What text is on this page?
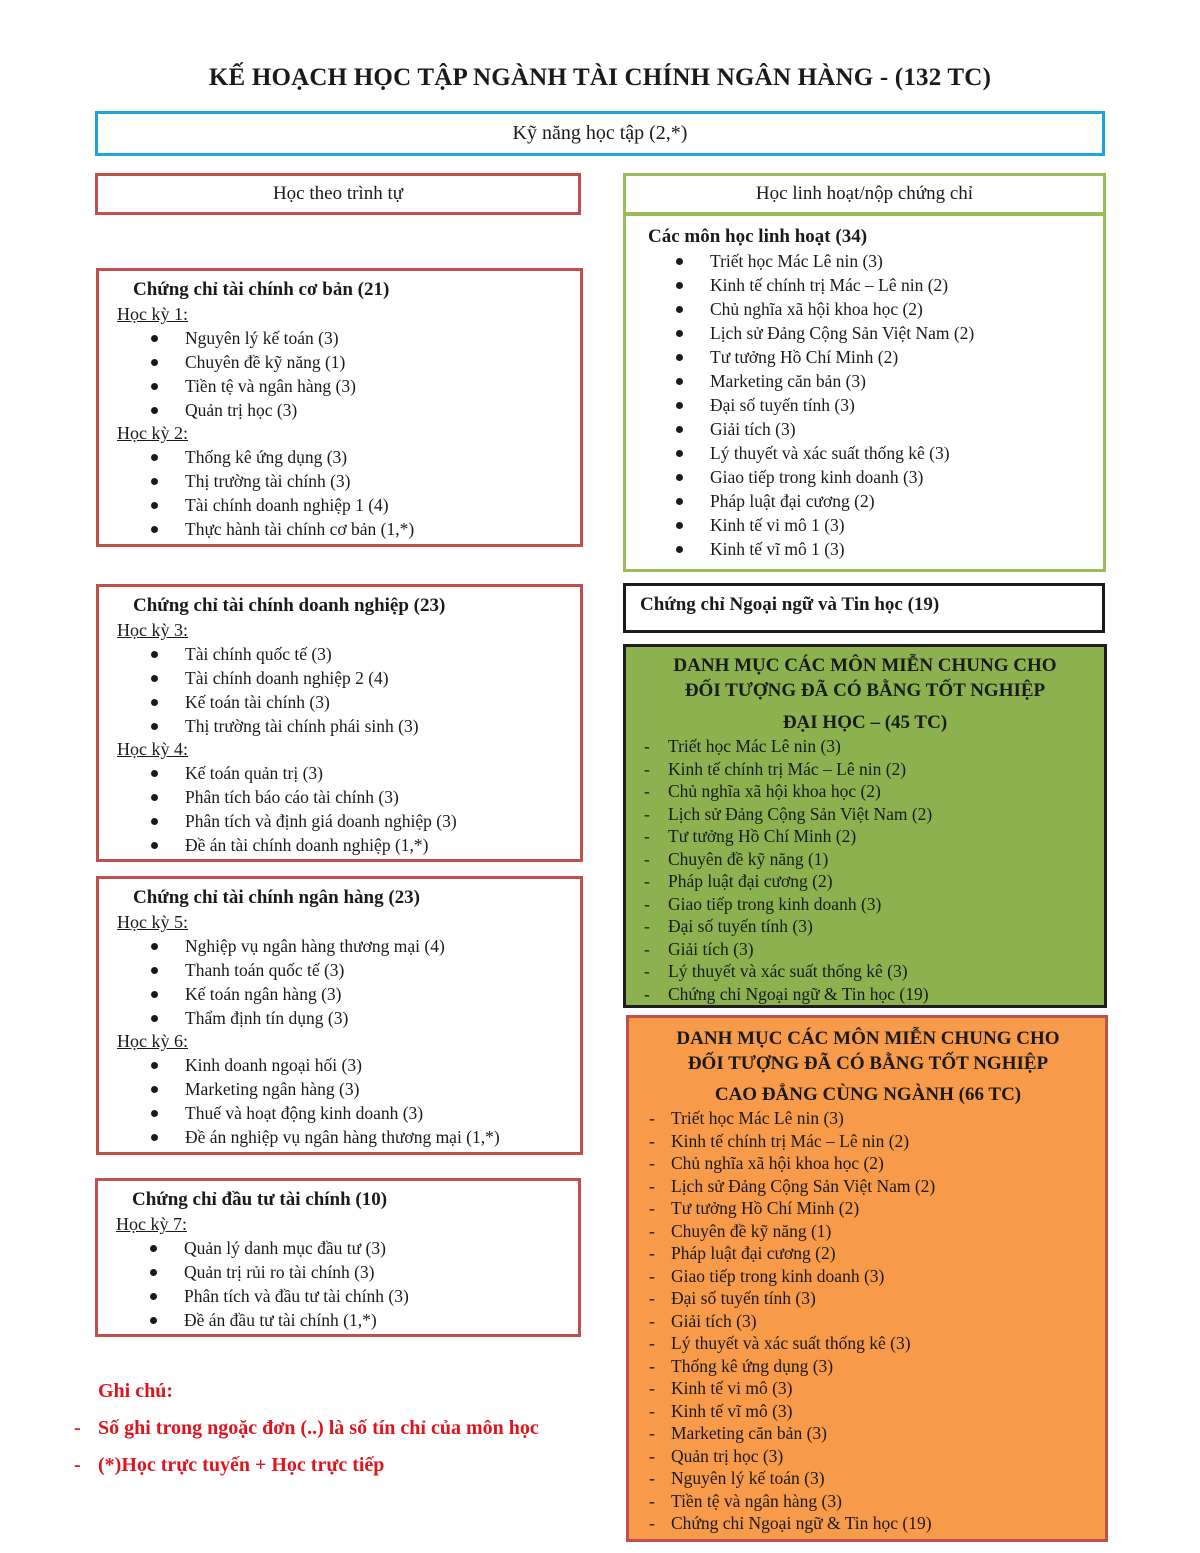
KẾ HOẠCH HỌC TẬP NGÀNH TÀI CHÍNH NGÂN HÀNG - (132 TC)
Kỹ năng học tập (2,*)
Học theo trình tự	Học linh hoạt/nộp chứng chỉ
Chứng chỉ tài chính cơ bản (21)
Học kỳ 1:
Nguyên lý kế toán (3)
Chuyên đề kỹ năng (1)
Tiền tệ và ngân hàng (3)
Quản trị học (3)
Học kỳ 2:
Thống kê ứng dụng (3)
Thị trường tài chính (3)
Tài chính doanh nghiệp 1 (4)
Thực hành tài chính cơ bản (1,*)
Chứng chỉ tài chính doanh nghiệp (23)
Học kỳ 3:
Tài chính quốc tế (3)
Tài chính doanh nghiệp 2 (4)
Kế toán tài chính (3)
Thị trường tài chính phái sinh (3)
Học kỳ 4:
Kế toán quản trị (3)
Phân tích báo cáo tài chính (3)
Phân tích và định giá doanh nghiệp (3)
Đề án tài chính doanh nghiệp (1,*)
Chứng chỉ tài chính ngân hàng (23)
Học kỳ 5:
Nghiệp vụ ngân hàng thương mại (4)
Thanh toán quốc tế (3)
Kế toán ngân hàng (3)
Thẩm định tín dụng (3)
Học kỳ 6:
Kinh doanh ngoại hối (3)
Marketing ngân hàng (3)
Thuế và hoạt động kinh doanh (3)
Đề án nghiệp vụ ngân hàng thương mại (1,*)
Chứng chỉ đầu tư tài chính (10)
Học kỳ 7:
Quản lý danh mục đầu tư (3)
Quản trị rủi ro tài chính (3)
Phân tích và đầu tư tài chính (3)
Đề án đầu tư tài chính (1,*)
Các môn học linh hoạt (34)
Triết học Mác Lê nin (3)
Kinh tế chính trị Mác – Lê nin (2)
Chủ nghĩa xã hội khoa học (2)
Lịch sử Đảng Cộng Sản Việt Nam (2)
Tư tưởng Hồ Chí Minh (2)
Marketing căn bản (3)
Đại số tuyến tính (3)
Giải tích (3)
Lý thuyết và xác suất thống kê (3)
Giao tiếp trong kinh doanh (3)
Pháp luật đại cương (2)
Kinh tế vi mô 1 (3)
Kinh tế vĩ mô 1 (3)
Chứng chỉ Ngoại ngữ và Tin học (19)
DANH MỤC CÁC MÔN MIỄN CHUNG CHO
ĐỐI TƯỢNG ĐÃ CÓ BẰNG TỐT NGHIỆP
ĐẠI HỌC – (45 TC)
- Triết học Mác Lê nin (3)
- Kinh tế chính trị Mác – Lê nin (2)
- Chủ nghĩa xã hội khoa học (2)
- Lịch sử Đảng Cộng Sản Việt Nam (2)
- Tư tưởng Hồ Chí Minh (2)
- Chuyên đề kỹ năng (1)
- Pháp luật đại cương (2)
- Giao tiếp trong kinh doanh (3)
- Đại số tuyến tính (3)
- Giải tích (3)
- Lý thuyết và xác suất thống kê (3)
- Chứng chỉ Ngoại ngữ & Tin học (19)
DANH MỤC CÁC MÔN MIỄN CHUNG CHO
ĐỐI TƯỢNG ĐÃ CÓ BẰNG TỐT NGHIỆP
CAO ĐẲNG CÙNG NGÀNH (66 TC)
- Triết học Mác Lê nin (3)
- Kinh tế chính trị Mác – Lê nin (2)
- Chủ nghĩa xã hội khoa học (2)
- Lịch sử Đảng Cộng Sản Việt Nam (2)
- Tư tưởng Hồ Chí Minh (2)
- Chuyên đề kỹ năng (1)
- Pháp luật đại cương (2)
- Giao tiếp trong kinh doanh (3)
- Đại số tuyến tính (3)
- Giải tích (3)
- Lý thuyết và xác suất thống kê (3)
- Thống kê ứng dụng (3)
- Kinh tế vi mô (3)
- Kinh tế vĩ mô (3)
- Marketing căn bản (3)
- Quản trị học (3)
- Nguyên lý kế toán (3)
- Tiền tệ và ngân hàng (3)
- Chứng chỉ Ngoại ngữ & Tin học (19)
Ghi chú:
- Số ghi trong ngoặc đơn (..) là số tín chỉ của môn học
- (*)Học trực tuyến + Học trực tiếp
